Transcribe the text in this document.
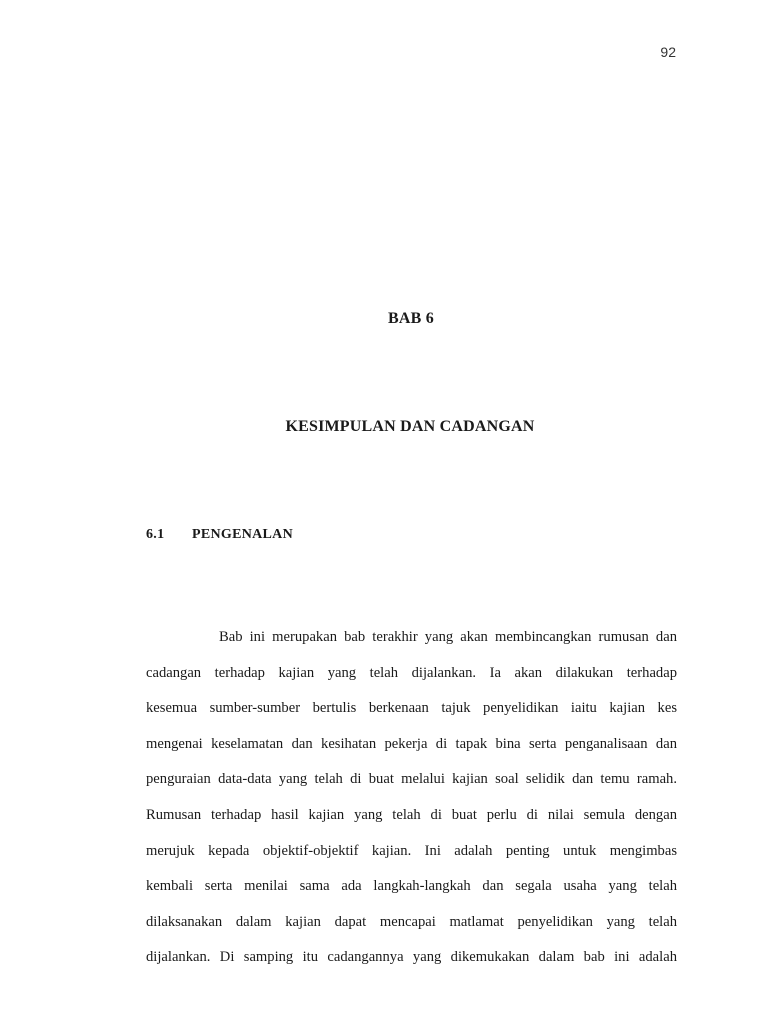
92
BAB 6
KESIMPULAN DAN CADANGAN
6.1 PENGENALAN
Bab ini merupakan bab terakhir yang akan membincangkan rumusan dan
cadangan terhadap kajian yang telah dijalankan. Ia akan dilakukan terhadap
kesemua sumber-sumber bertulis berkenaan tajuk penyelidikan iaitu kajian kes
mengenai keselamatan dan kesihatan pekerja di tapak bina serta penganalisaan dan
penguraian data-data yang telah di buat melalui kajian soal selidik dan temu ramah.
Rumusan terhadap hasil kajian yang telah di buat perlu di nilai semula dengan
merujuk kepada objektif-objektif kajian. Ini adalah penting untuk mengimbas
kembali serta menilai sama ada langkah-langkah dan segala usaha yang telah
dilaksanakan dalam kajian dapat mencapai matlamat penyelidikan yang telah
dijalankan. Di samping itu cadangannya yang dikemukakan dalam bab ini adalah
